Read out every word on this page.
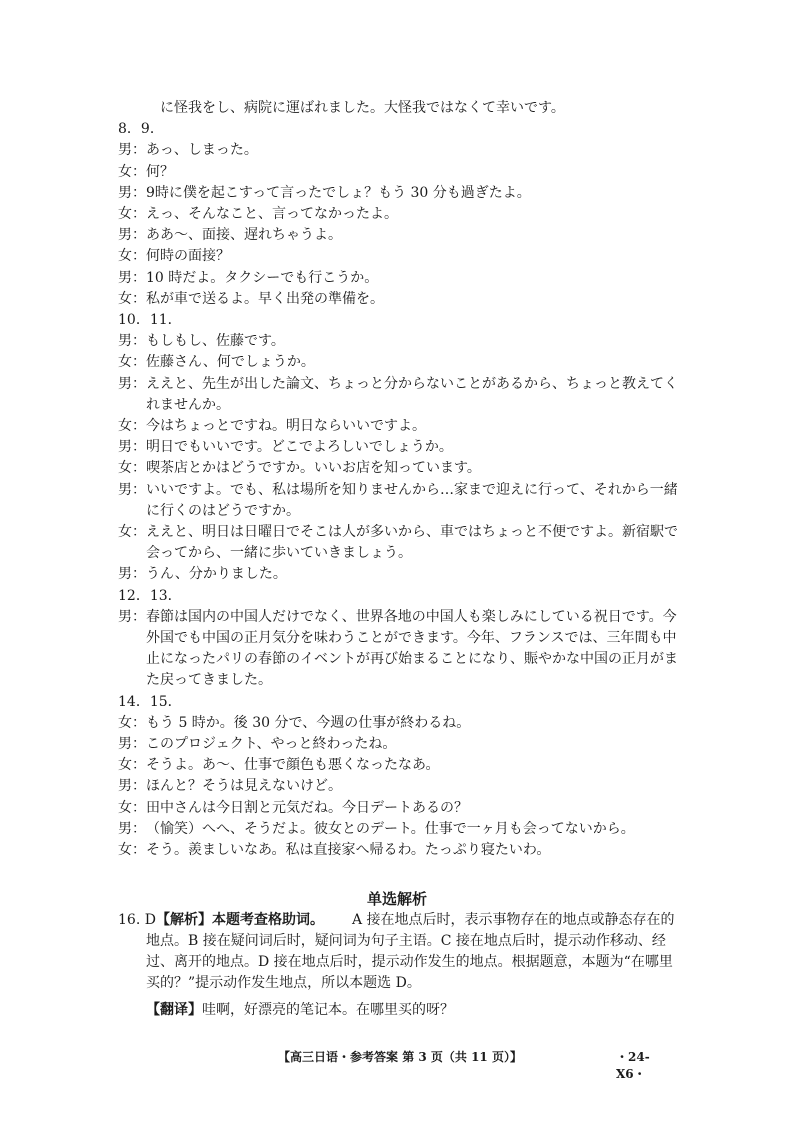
　に怪我をし、病院に運ばれました。大怪我ではなくて幸いです。
8．9．
男：あっ、しまった。
女：何？
男：9時に僕を起こすって言ったでしょ？もう 30 分も過ぎたよ。
女：えっ、そんなこと、言ってなかったよ。
男：ああ～、面接、遅れちゃうよ。
女：何時の面接？
男：10 時だよ。タクシーでも行こうか。
女：私が車で送るよ。早く出発の準備を。
10．11．
男：もしもし、佐藤です。
女：佐藤さん、何でしょうか。
男：ええと、先生が出した論文、ちょっと分からないことがあるから、ちょっと教えてく
れませんか。
女：今はちょっとですね。明日ならいいですよ。
男：明日でもいいです。どこでよろしいでしょうか。
女：喫茶店とかはどうですか。いいお店を知っています。
男：いいですよ。でも、私は場所を知りませんから…家まで迎えに行って、それから一緒
に行くのはどうですか。
女：ええと、明日は日曜日でそこは人が多いから、車ではちょっと不便ですよ。新宿駅で
会ってから、一緒に歩いていきましょう。
男：うん、分かりました。
12．13．
男：春節は国内の中国人だけでなく、世界各地の中国人も楽しみにしている祝日です。今
外国でも中国の正月気分を味わうことができます。今年、フランスでは、三年間も中
止になったパリの春節のイベントが再び始まることになり、賑やかな中国の正月がま
た戻ってきました。
14．15．
女：もう 5 時か。後 30 分で、今週の仕事が終わるね。
男：このプロジェクト、やっと終わったね。
女：そうよ。あ～、仕事で顔色も悪くなったなあ。
男：ほんと？そうは見えないけど。
女：田中さんは今日割と元気だね。今日デートあるの？
男：（愉笑）へへ、そうだよ。彼女とのデート。仕事で一ヶ月も会ってないから。
女：そう。羨ましいなあ。私は直接家へ帰るわ。たっぷり寝たいわ。
单选解析
16. D【解析】本题考查格助词。	A 接在地点后时，表示事物存在的地点或静态存在的地点。B 接在疑问词后时，疑问词为句子主语。C 接在地点后时，提示动作移动、经过、离开的地点。D 接在地点后时，提示动作发生的地点。根据题意，本题为“在哪里买的？”提示动作发生地点，所以本题选 D。
【翻译】哇啊，好漂亮的笔记本。在哪里买的呀？
【高三日语・参考答案 第 3 页（共 11 页）】	・24-X6・
